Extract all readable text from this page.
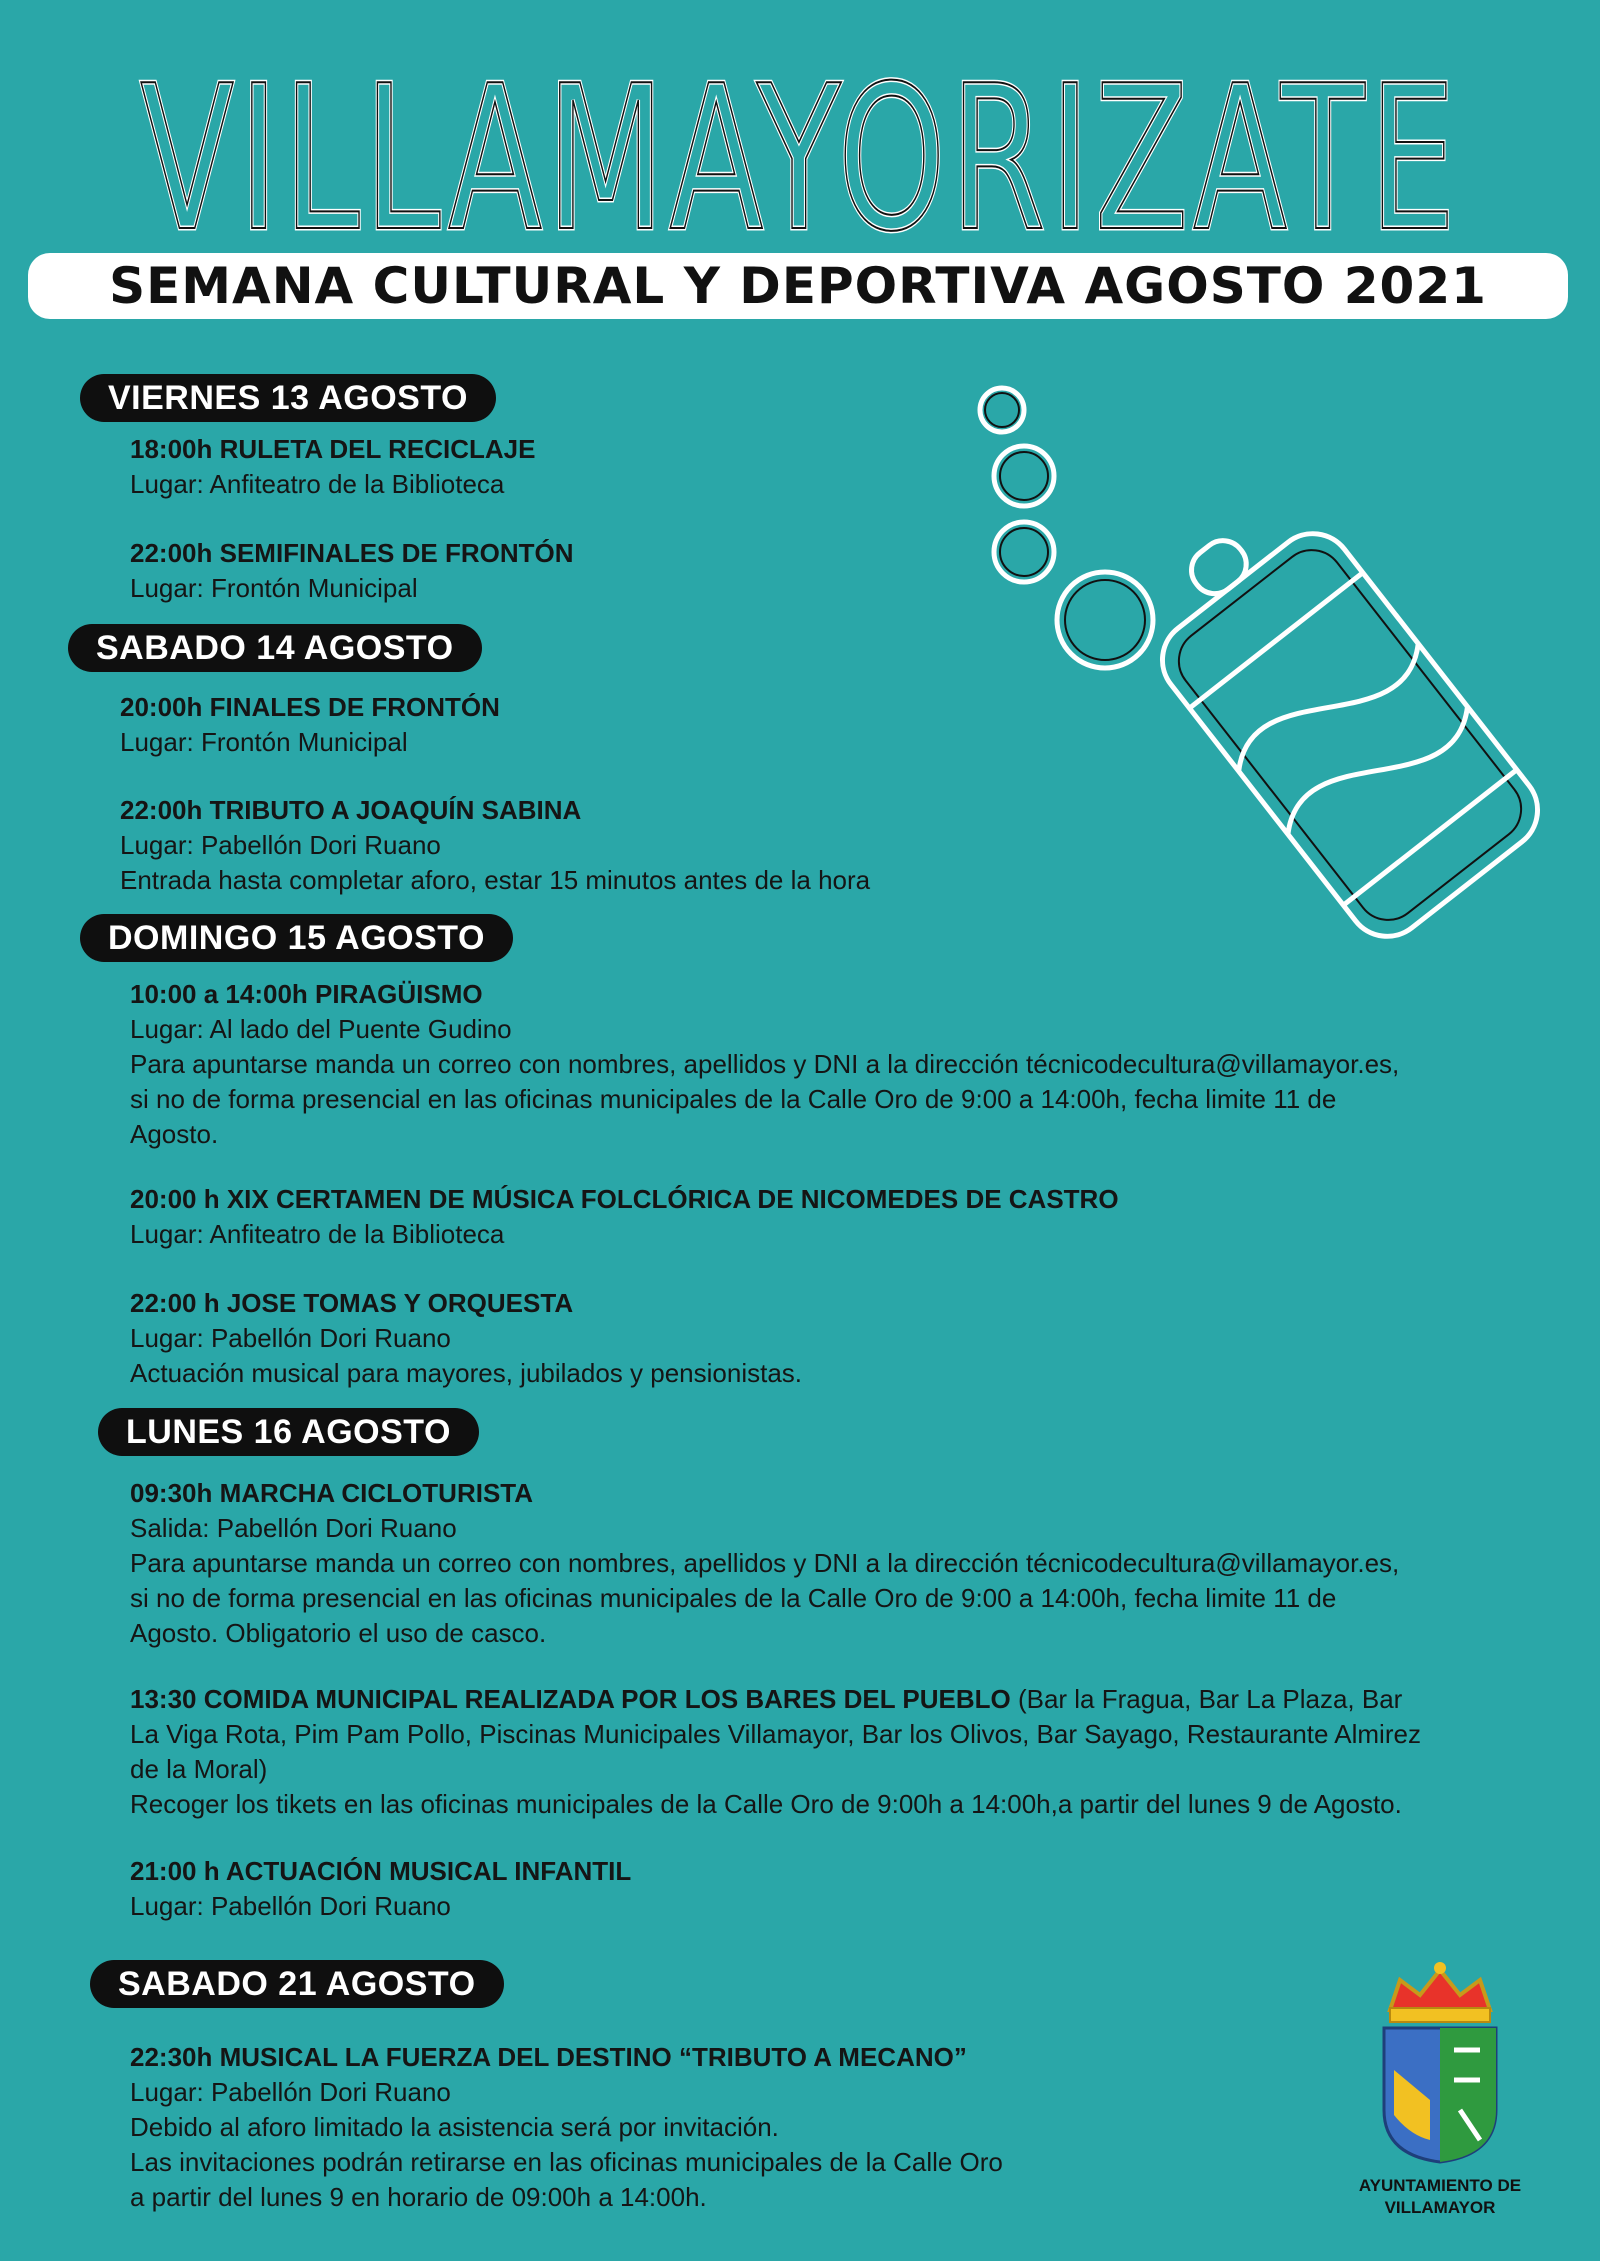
VILLAMAYORIZATE
VILLAMAYORIZATE
SEMANA CULTURAL Y DEPORTIVA AGOSTO 2021
VIERNES 13 AGOSTO

18:00h RULETA DEL RECICLAJE

Lugar: Anfiteatro de la Biblioteca

22:00h SEMIFINALES DE FRONTÓN

Lugar: Frontón Municipal

SABADO 14 AGOSTO

20:00h FINALES DE FRONTÓN

Lugar: Frontón Municipal

22:00h TRIBUTO A JOAQUÍN SABINA

Lugar: Pabellón Dori Ruano

Entrada hasta completar aforo, estar 15 minutos antes de la hora

DOMINGO 15 AGOSTO

10:00 a 14:00h PIRAGÜISMO

Lugar: Al lado del Puente Gudino

Para apuntarse manda un correo con nombres, apellidos y DNI a la dirección técnicodecultura@villamayor.es,

si no de forma presencial en las oficinas municipales de la Calle Oro de 9:00 a 14:00h, fecha limite 11 de

Agosto.

20:00 h XIX CERTAMEN DE MÚSICA FOLCLÓRICA DE NICOMEDES DE CASTRO

Lugar: Anfiteatro de la Biblioteca

22:00 h JOSE TOMAS Y ORQUESTA

Lugar: Pabellón Dori Ruano

Actuación musical para mayores, jubilados y pensionistas.

LUNES 16 AGOSTO

09:30h MARCHA CICLOTURISTA

Salida: Pabellón Dori Ruano

Para apuntarse manda un correo con nombres, apellidos y DNI a la dirección técnicodecultura@villamayor.es,

si no de forma presencial en las oficinas municipales de la Calle Oro de 9:00 a 14:00h, fecha limite 11 de

Agosto. Obligatorio el uso de casco.

13:30 COMIDA MUNICIPAL REALIZADA POR LOS BARES DEL PUEBLO (Bar la Fragua, Bar La Plaza, Bar

La Viga Rota, Pim Pam Pollo, Piscinas Municipales Villamayor, Bar los Olivos, Bar Sayago, Restaurante Almirez

de la Moral)

Recoger los tikets en las oficinas municipales de la Calle Oro de 9:00h a 14:00h,a partir del lunes 9 de Agosto.

21:00 h ACTUACIÓN MUSICAL INFANTIL

Lugar: Pabellón Dori Ruano

SABADO 21 AGOSTO

22:30h MUSICAL LA FUERZA DEL DESTINO “TRIBUTO A MECANO”

Lugar: Pabellón Dori Ruano

Debido al aforo limitado la asistencia será por invitación.

Las invitaciones podrán retirarse en las oficinas municipales de la Calle Oro

a partir del lunes 9 en horario de 09:00h a 14:00h.	AYUNTAMIENTO DE
VILLAMAYOR
